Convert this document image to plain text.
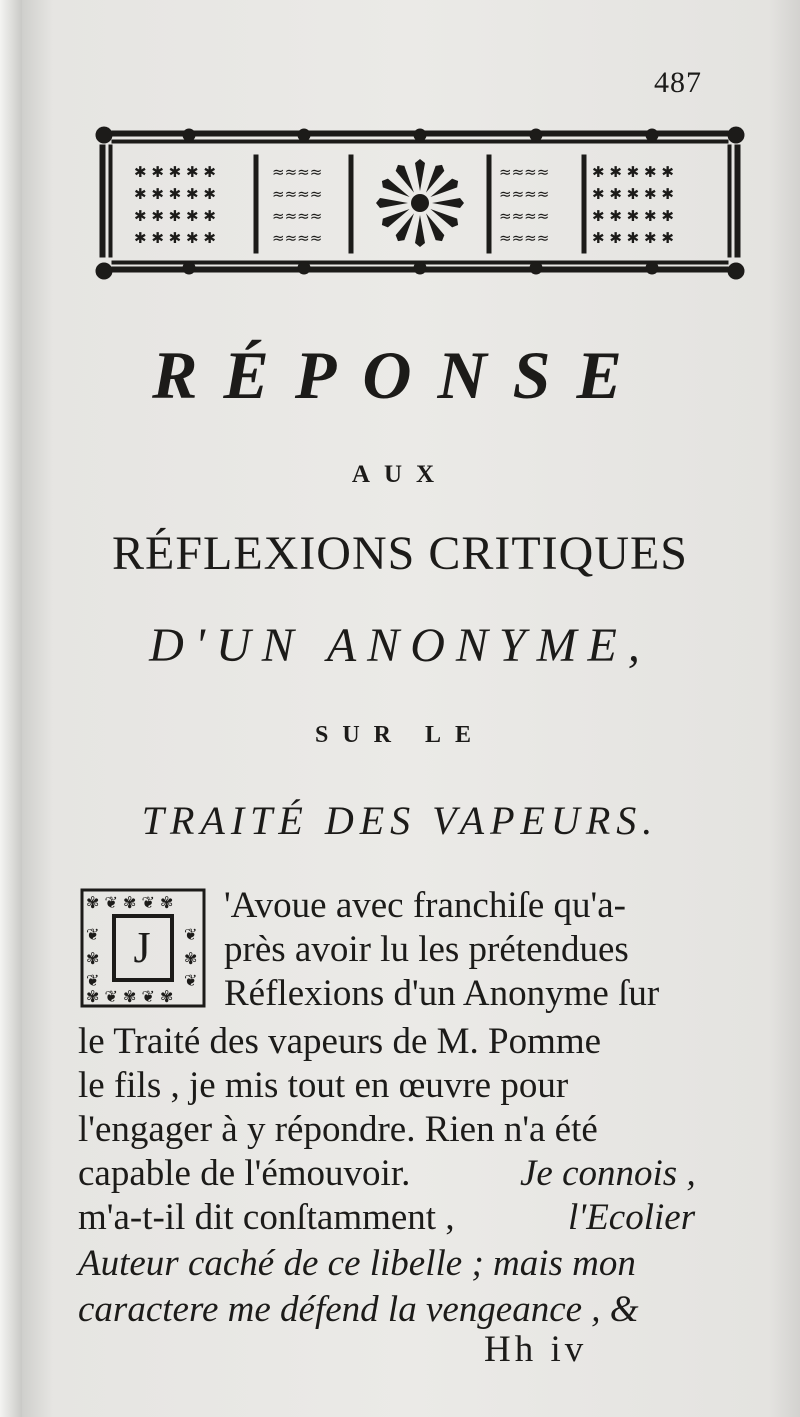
487
✱ ✱ ✱ ✱ ✱
✱ ✱ ✱ ✱ ✱
✱ ✱ ✱ ✱ ✱
✱ ✱ ✱ ✱ ✱
✱ ✱ ✱ ✱ ✱
✱ ✱ ✱ ✱ ✱
✱ ✱ ✱ ✱ ✱
✱ ✱ ✱ ✱ ✱
≈≈≈≈
≈≈≈≈
≈≈≈≈
≈≈≈≈
≈≈≈≈
≈≈≈≈
≈≈≈≈
≈≈≈≈
RÉPONSE
AUX
RÉFLEXIONS CRITIQUES
D'UN ANONYME,
SUR LE
TRAITÉ DES VAPEURS.
✾ ❦ ✾ ❦ ✾
✾ ❦ ✾ ❦ ✾
❦
✾
❦
❦
✾
❦
J
'Avoue avec franchiſe qu'a-
près avoir lu les prétendues
Réflexions d'un Anonyme ſur
le Traité des vapeurs de M. Pomme
le fils , je mis tout en œuvre pour
l'engager à y répondre. Rien n'a été
capable de l'émouvoir.	Je connois ,
m'a-t-il dit conſtamment ,	l'Ecolier
Auteur caché de ce libelle ; mais mon
caractere me défend la vengeance , &
Hh iv
